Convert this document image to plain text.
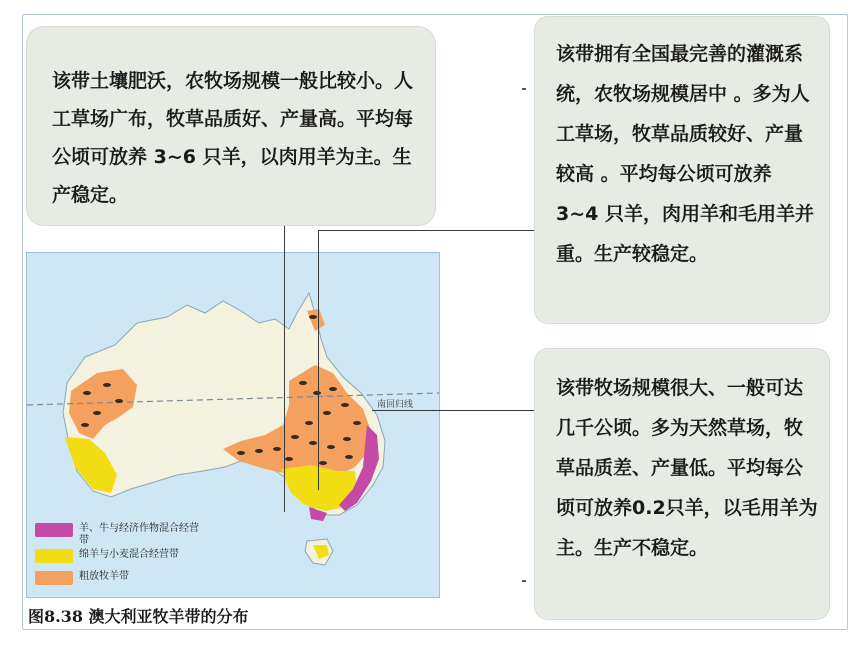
该带土壤肥沃，农牧场规模一般比较小。人工草场广布，牧草品质好、产量高。平均每公顷可放养 3~6 只羊，以肉用羊为主。生产稳定。

该带拥有全国最完善的灌溉系统，农牧场规模居中 。多为人工草场，牧草品质较好、产量较高 。平均每公顷可放养 3~4 只羊，肉用羊和毛用羊并重。生产较稳定。

该带牧场规模很大、一般可达几千公顷。多为天然草场，牧草品质差、产量低。平均每公顷可放养0.2只羊，以毛用羊为主。生产不稳定。

南回归线
羊、牛与经济作物混合经营带
绵羊与小麦混合经营带
粗放牧羊带
图8.38 澳大利亚牧羊带的分布
